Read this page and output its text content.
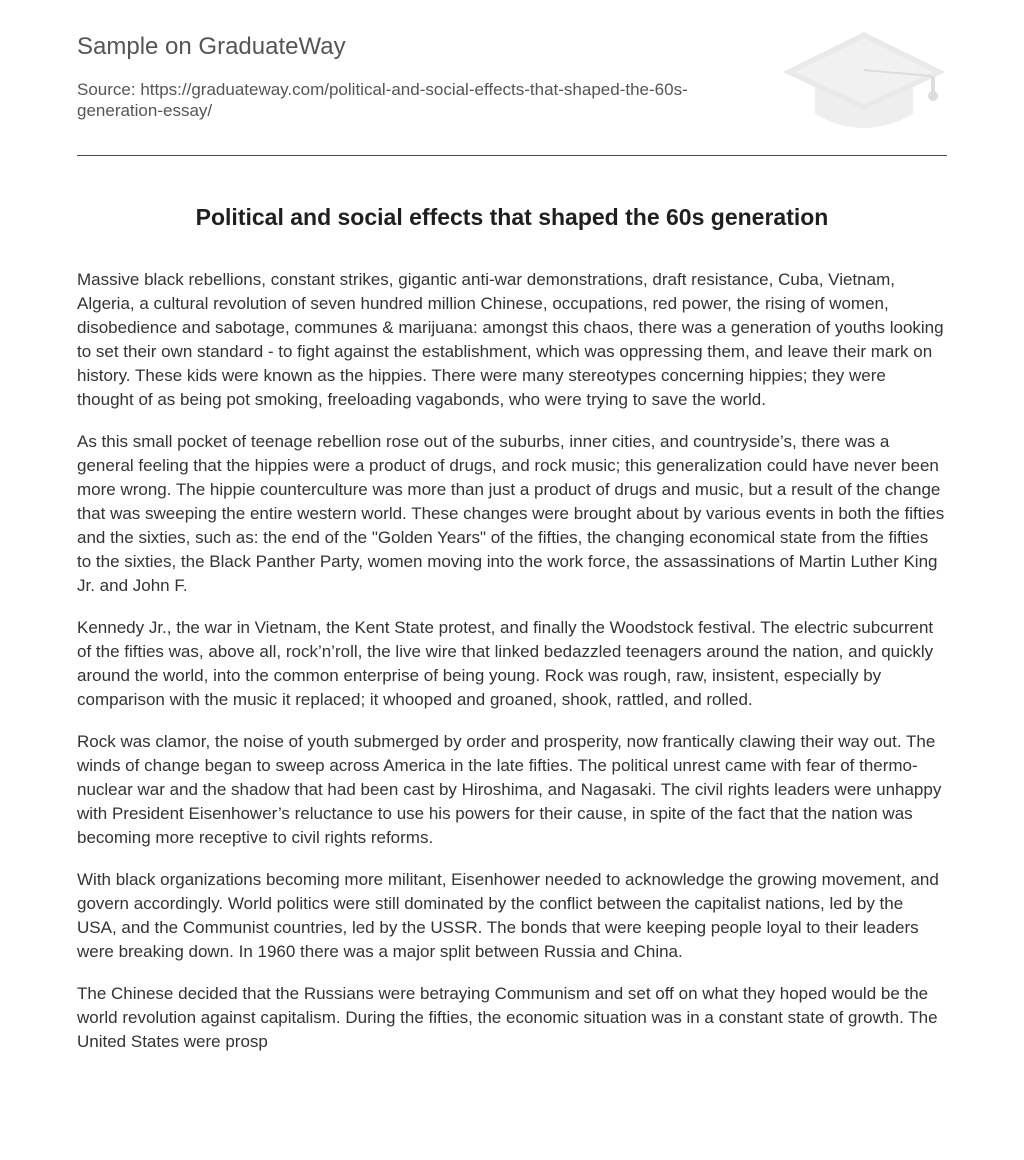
Sample on GraduateWay
Source: https://graduateway.com/political-and-social-effects-that-shaped-the-60s-generation-essay/
Political and social effects that shaped the 60s generation

Massive black rebellions, constant strikes, gigantic anti-war demonstrations, draft resistance, Cuba, Vietnam, Algeria, a cultural revolution of seven hundred million Chinese, occupations, red power, the rising of women, disobedience and sabotage, communes & marijuana: amongst this chaos, there was a generation of youths looking to set their own standard - to fight against the establishment, which was oppressing them, and leave their mark on history. These kids were known as the hippies. There were many stereotypes concerning hippies; they were thought of as being pot smoking, freeloading vagabonds, who were trying to save the world.

As this small pocket of teenage rebellion rose out of the suburbs, inner cities, and countryside’s, there was a general feeling that the hippies were a product of drugs, and rock music; this generalization could have never been more wrong. The hippie counterculture was more than just a product of drugs and music, but a result of the change that was sweeping the entire western world. These changes were brought about by various events in both the fifties and the sixties, such as: the end of the "Golden Years" of the fifties, the changing economical state from the fifties to the sixties, the Black Panther Party, women moving into the work force, the assassinations of Martin Luther King Jr. and John F.

Kennedy Jr., the war in Vietnam, the Kent State protest, and finally the Woodstock festival. The electric subcurrent of the fifties was, above all, rock’n’roll, the live wire that linked bedazzled teenagers around the nation, and quickly around the world, into the common enterprise of being young. Rock was rough, raw, insistent, especially by comparison with the music it replaced; it whooped and groaned, shook, rattled, and rolled.

Rock was clamor, the noise of youth submerged by order and prosperity, now frantically clawing their way out. The winds of change began to sweep across America in the late fifties. The political unrest came with fear of thermo-nuclear war and the shadow that had been cast by Hiroshima, and Nagasaki. The civil rights leaders were unhappy with President Eisenhower’s reluctance to use his powers for their cause, in spite of the fact that the nation was becoming more receptive to civil rights reforms.

With black organizations becoming more militant, Eisenhower needed to acknowledge the growing movement, and govern accordingly. World politics were still dominated by the conflict between the capitalist nations, led by the USA, and the Communist countries, led by the USSR. The bonds that were keeping people loyal to their leaders were breaking down. In 1960 there was a major split between Russia and China.

The Chinese decided that the Russians were betraying Communism and set off on what they hoped would be the world revolution against capitalism. During the fifties, the economic situation was in a constant state of growth. The United States were prosp
